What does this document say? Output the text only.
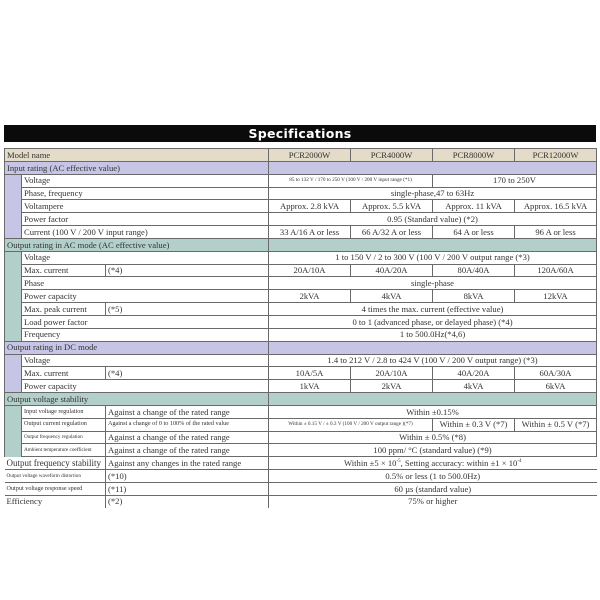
Specifications
Model name			PCR2000W	PCR4000W	PCR8000W	PCR12000W
Input rating (AC effective value)						
	Voltage		85 to 132 V / 170 to 250 V (100 V / 200 V input range (*1)		170 to 250V	
	Phase, frequency		single-phase,47 to 63Hz			
	Voltampere		Approx. 2.8 kVA	Approx. 5.5 kVA	Approx. 11 kVA	Approx. 16.5 kVA
	Power factor		0.95 (Standard value) (*2)			
	Current (100 V / 200 V input range)		33 A/16 A or less	66 A/32 A or less	64 A or less	96 A or less
Output rating in AC mode (AC effective value)						
	Voltage		1 to 150 V / 2 to 300 V (100 V / 200 V output range (*3)			
	Max. current	(*4)	20A/10A	40A/20A	80A/40A	120A/60A
	Phase		single-phase			
	Power capacity		2kVA	4kVA	8kVA	12kVA
	Max. peak current	(*5)	4 times the max. current (effective value)			
	Load power factor		0 to 1 (advanced phase, or delayed phase) (*4)			
	Frequency		1 to 500.0Hz(*4,6)			
Output rating in DC mode						
	Voltage		1.4 to 212 V / 2.8 to 424 V (100 V / 200 V output range) (*3)			
	Max. current	(*4)	10A/5A	20A/10A	40A/20A	60A/30A
	Power capacity		1kVA	2kVA	4kVA	6kVA
Output voltage stability						
	Input voltage regulation	Against a change of the rated range	Within ±0.15%			
	Output current regulation	Against a change of 0 to 100% of the rated value	Within ± 0.15 V / ± 0.3 V (100 V / 200 V output range )(*7)		Within ± 0.3 V (*7)	Within ± 0.5 V (*7)
	Output frequency regulation	Against a change of the rated range	Within ± 0.5% (*8)			
	Ambient temperature coefficient	Against a change of the rated range	100 ppm/ °C (standard value) (*9)			
Output frequency stability		Against any changes in the rated range	Within $\pm 5 \times 10^{-5}$, Setting accuracy: within $\pm 1 \times 10^{-4}$
Output voltage waveform distortion		(*10)	0.5% or less (1 to 500.0Hz)			
Output voltage response speed		(*11)	60 µs (standard value)			
Efficiency		(*2)	75% or higher			
